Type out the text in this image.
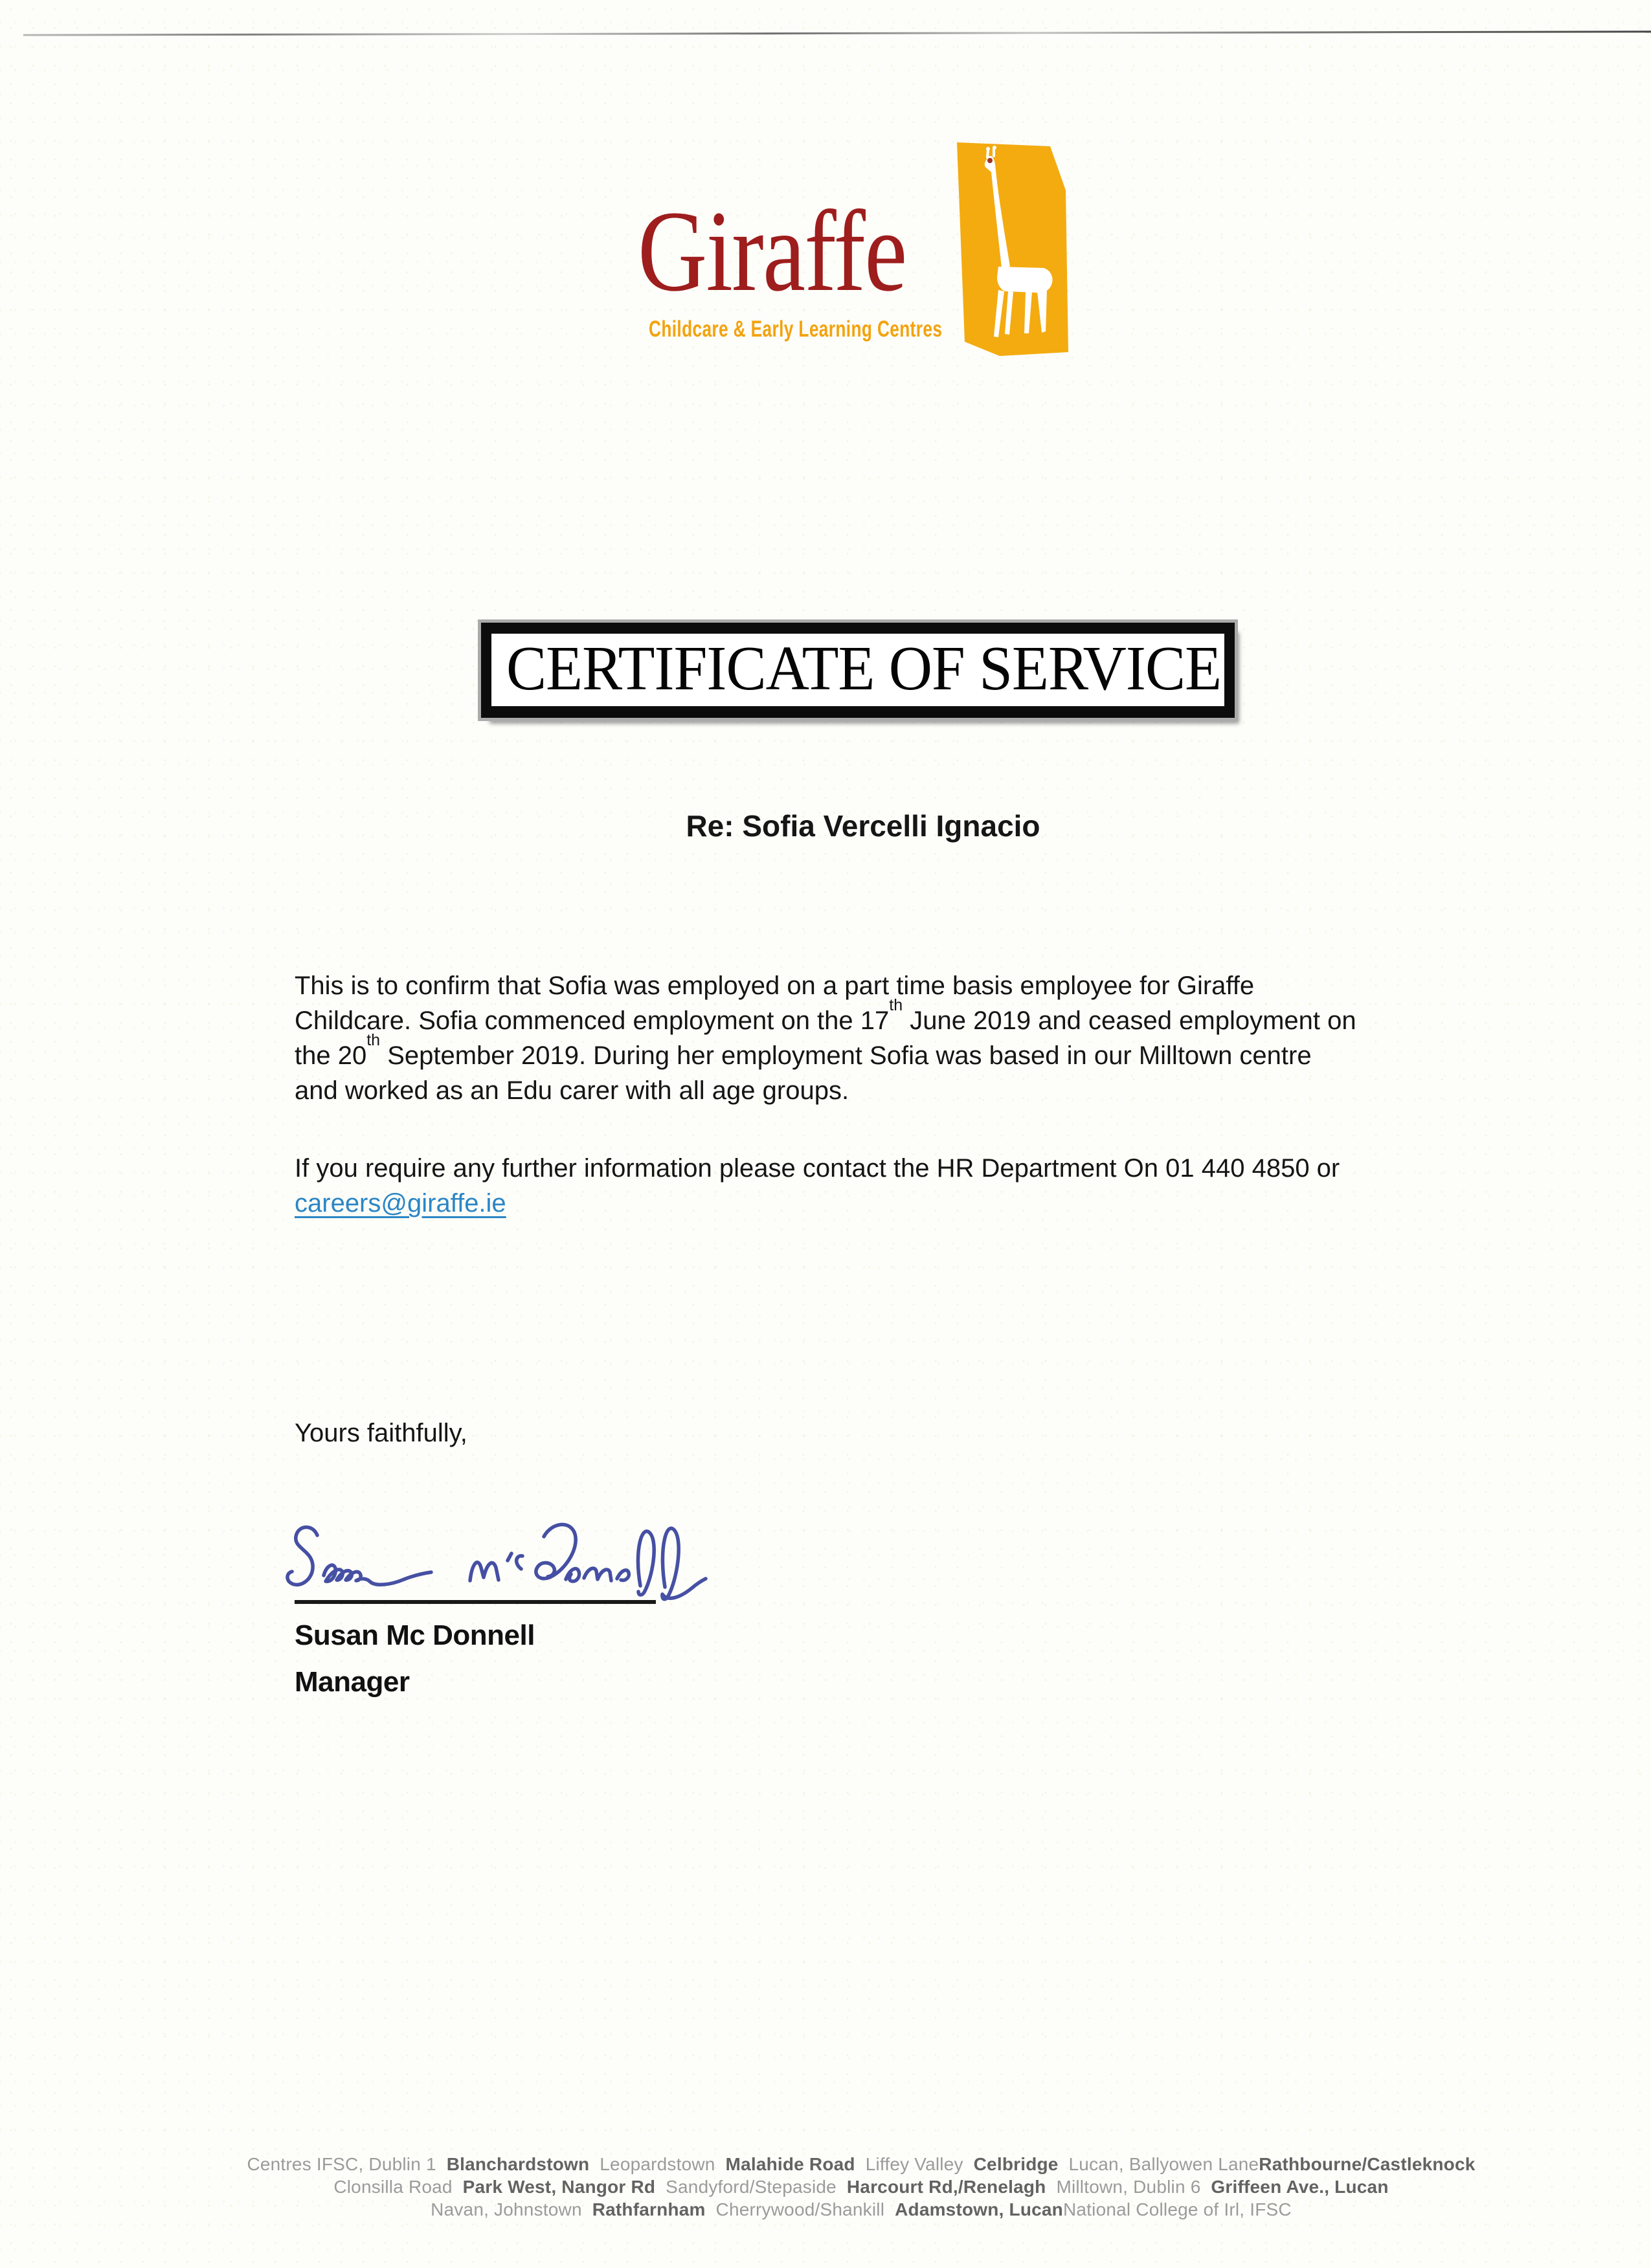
Giraffe
Childcare & Early Learning Centres
CERTIFICATE OF SERVICE
Re: Sofia Vercelli Ignacio
This is to confirm that Sofia was employed on a part time basis employee for Giraffe
Childcare. Sofia commenced employment on the 17th June 2019 and ceased employment on
the 20th September 2019. During her employment Sofia was based in our Milltown centre
and worked as an Edu carer with all age groups.
If you require any further information please contact the HR Department On 01 440 4850 or
careers@giraffe.ie
Yours faithfully,
Susan Mc Donnell
Manager
Centres IFSC, Dublin 1  Blanchardstown  Leopardstown  Malahide Road  Liffey Valley  Celbridge  Lucan, Ballyowen LaneRathbourne/Castleknock
Clonsilla Road  Park West, Nangor Rd  Sandyford/Stepaside  Harcourt Rd,/Renelagh  Milltown, Dublin 6  Griffeen Ave., Lucan
Navan, Johnstown  Rathfarnham  Cherrywood/Shankill  Adamstown, LucanNational College of Irl, IFSC
